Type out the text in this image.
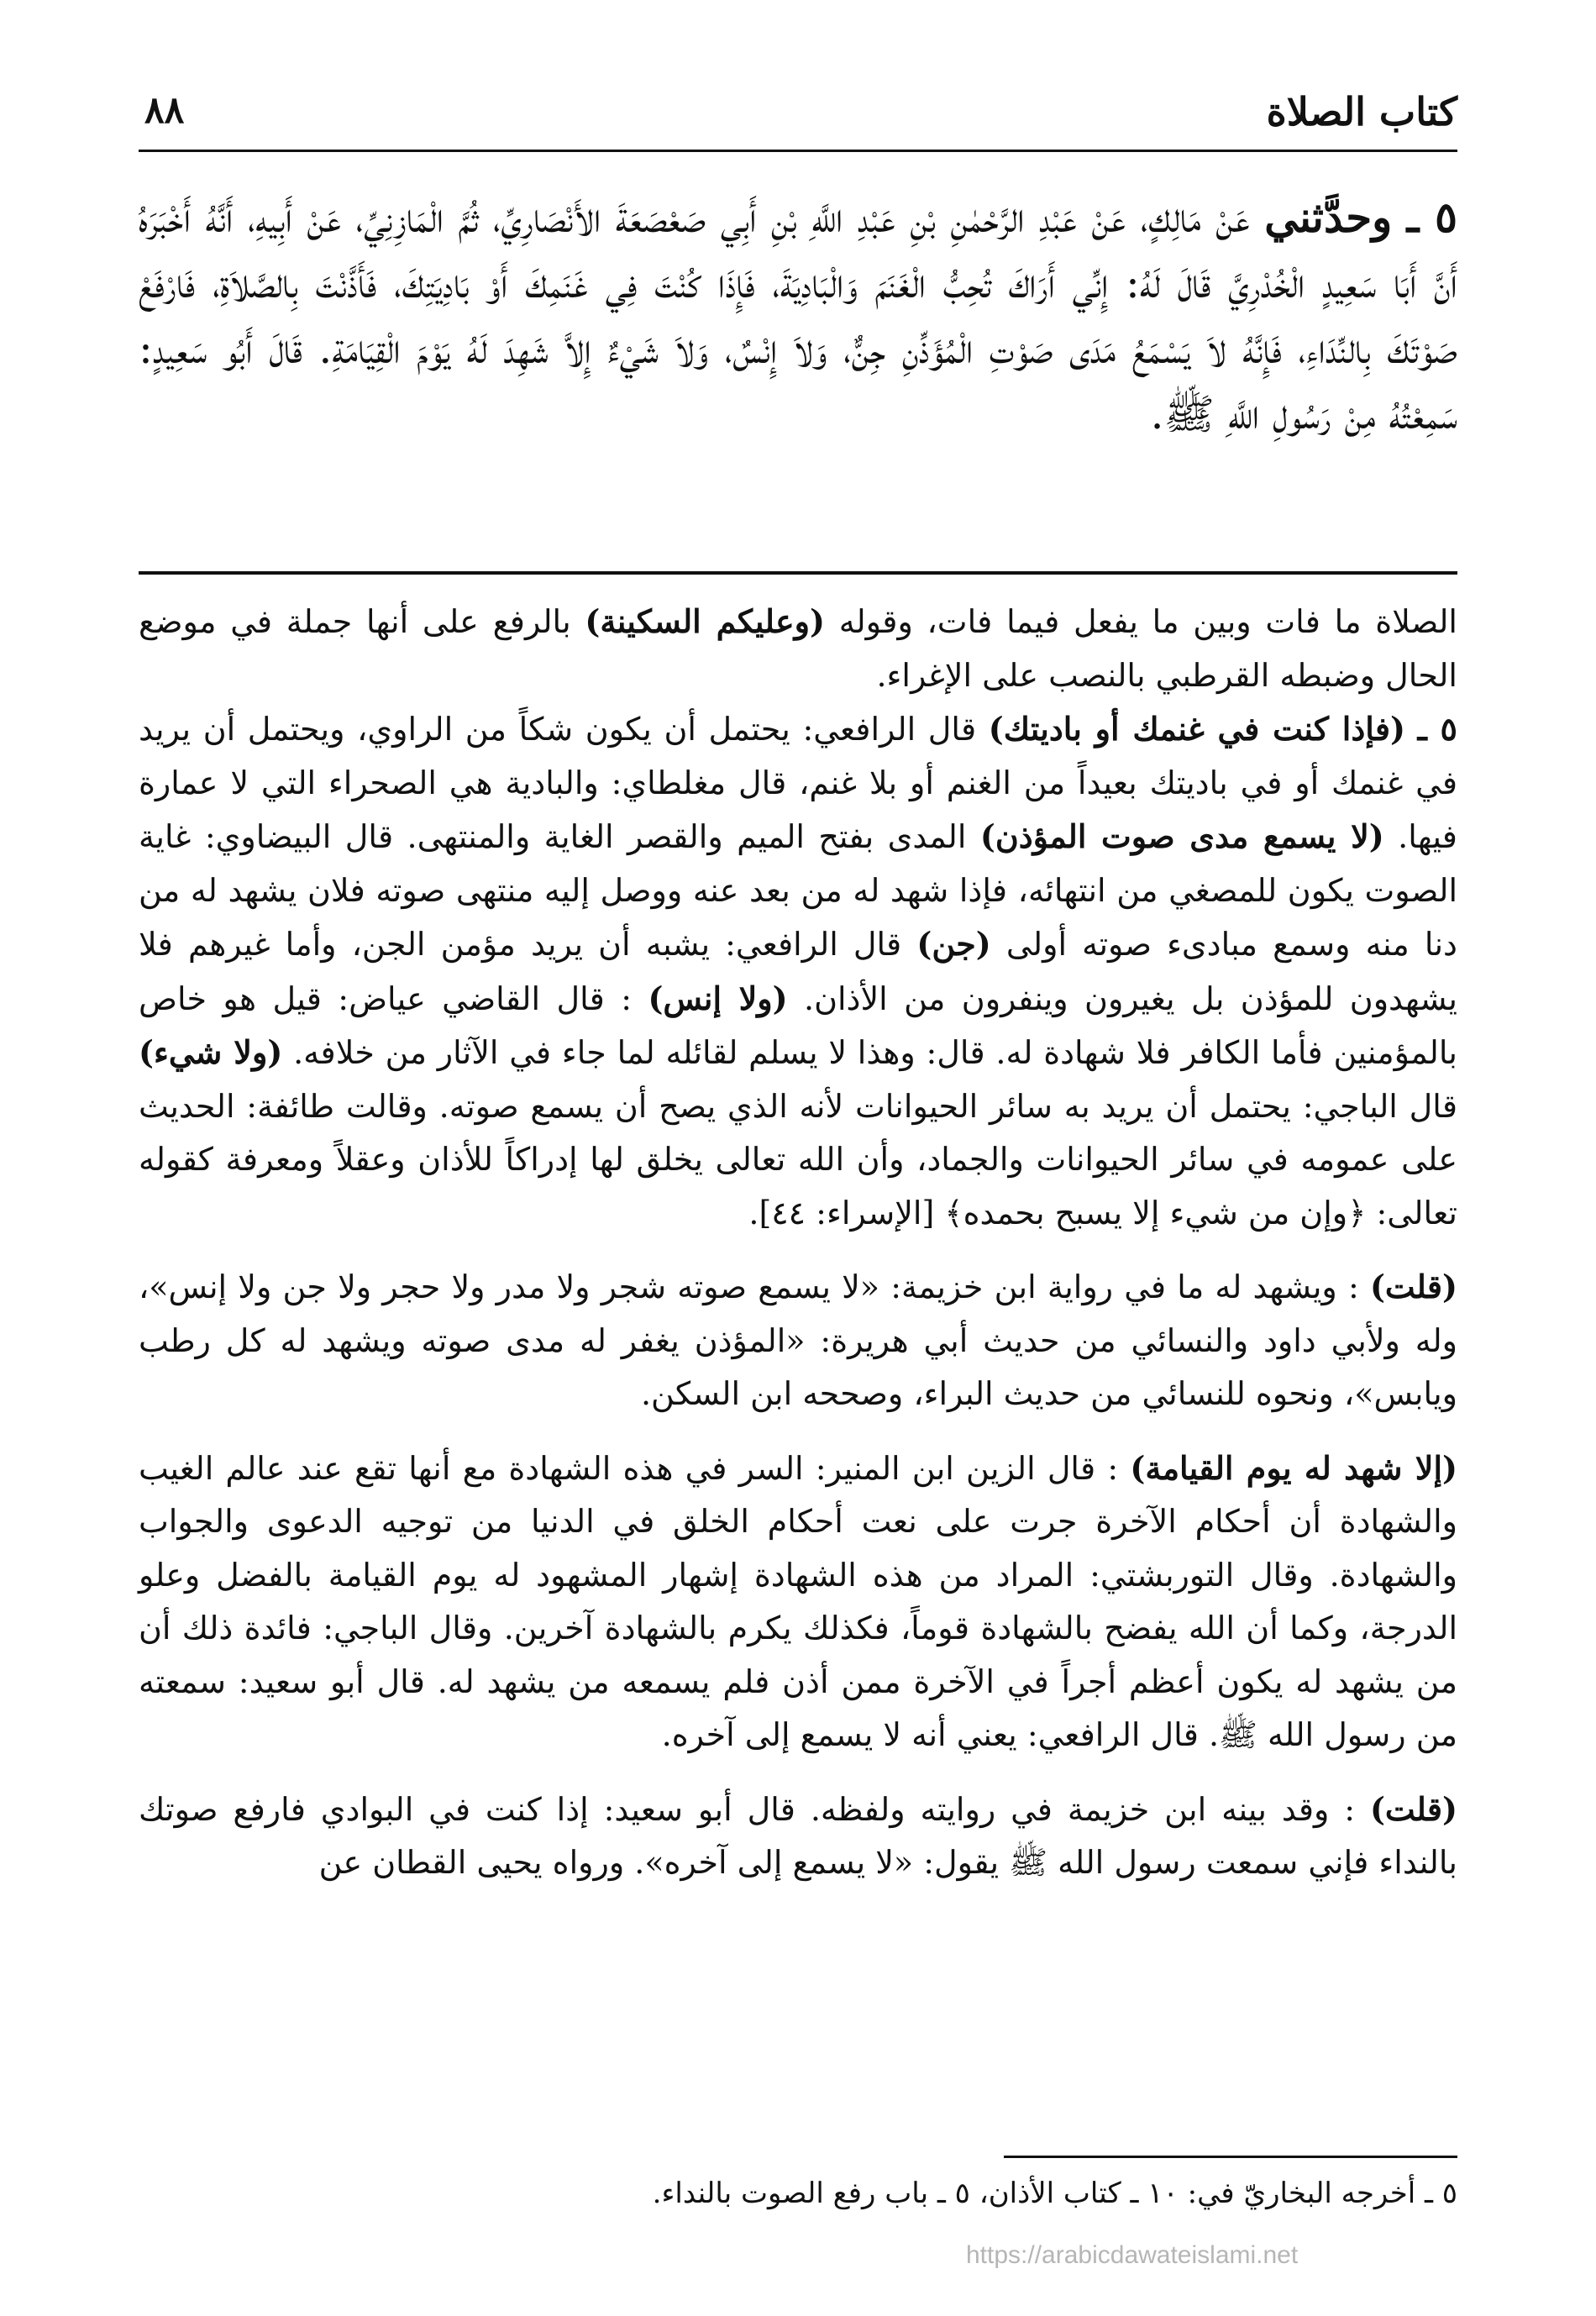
كتاب الصلاة
٨٨
٥ ـ وحدَّثني عَنْ مَالِكٍ، عَنْ عَبْدِ الرَّحْمٰنِ بْنِ عَبْدِ اللَّهِ بْنِ أَبِي صَعْصَعَةَ الأَنْصَارِيِّ، ثُمَّ الْمَازِنِيِّ، عَنْ أَبِيهِ، أَنَّهُ أَخْبَرَهُ أَنَّ أَبَا سَعِيدٍ الْخُدْرِيَّ قَالَ لَهُ: إِنِّي أَرَاكَ تُحِبُّ الْغَنَمَ وَالْبَادِيَةَ، فَإِذَا كُنْتَ فِي غَنَمِكَ أَوْ بَادِيَتِكَ، فَأَذَّنْتَ بِالصَّلاَةِ، فَارْفَعْ صَوْتَكَ بِالنِّدَاءِ، فَإِنَّهُ لاَ يَسْمَعُ مَدَى صَوْتِ الْمُؤَذِّنِ جِنٌّ، وَلاَ إِنْسٌ، وَلاَ شَيْءٌ إِلاَّ شَهِدَ لَهُ يَوْمَ الْقِيَامَةِ. قَالَ أَبُو سَعِيدٍ: سَمِعْتُهُ مِنْ رَسُولِ اللَّهِ ﷺ.

الصلاة ما فات وبين ما يفعل فيما فات، وقوله (وعليكم السكينة) بالرفع على أنها جملة في موضع الحال وضبطه القرطبي بالنصب على الإغراء.

٥ ـ (فإذا كنت في غنمك أو باديتك) قال الرافعي: يحتمل أن يكون شكاً من الراوي، ويحتمل أن يريد في غنمك أو في باديتك بعيداً من الغنم أو بلا غنم، قال مغلطاي: والبادية هي الصحراء التي لا عمارة فيها. (لا يسمع مدى صوت المؤذن) المدى بفتح الميم والقصر الغاية والمنتهى. قال البيضاوي: غاية الصوت يكون للمصغي من انتهائه، فإذا شهد له من بعد عنه ووصل إليه منتهى صوته فلان يشهد له من دنا منه وسمع مبادىء صوته أولى (جن) قال الرافعي: يشبه أن يريد مؤمن الجن، وأما غيرهم فلا يشهدون للمؤذن بل يغيرون وينفرون من الأذان. (ولا إنس) : قال القاضي عياض: قيل هو خاص بالمؤمنين فأما الكافر فلا شهادة له. قال: وهذا لا يسلم لقائله لما جاء في الآثار من خلافه. (ولا شيء) قال الباجي: يحتمل أن يريد به سائر الحيوانات لأنه الذي يصح أن يسمع صوته. وقالت طائفة: الحديث على عمومه في سائر الحيوانات والجماد، وأن الله تعالى يخلق لها إدراكاً للأذان وعقلاً ومعرفة كقوله تعالى: ﴿وإن من شيء إلا يسبح بحمده﴾ [الإسراء: ٤٤].

(قلت) : ويشهد له ما في رواية ابن خزيمة: «لا يسمع صوته شجر ولا مدر ولا حجر ولا جن ولا إنس»، وله ولأبي داود والنسائي من حديث أبي هريرة: «المؤذن يغفر له مدى صوته ويشهد له كل رطب ويابس»، ونحوه للنسائي من حديث البراء، وصححه ابن السكن.

(إلا شهد له يوم القيامة) : قال الزين ابن المنير: السر في هذه الشهادة مع أنها تقع عند عالم الغيب والشهادة أن أحكام الآخرة جرت على نعت أحكام الخلق في الدنيا من توجيه الدعوى والجواب والشهادة. وقال التوربشتي: المراد من هذه الشهادة إشهار المشهود له يوم القيامة بالفضل وعلو الدرجة، وكما أن الله يفضح بالشهادة قوماً، فكذلك يكرم بالشهادة آخرين. وقال الباجي: فائدة ذلك أن من يشهد له يكون أعظم أجراً في الآخرة ممن أذن فلم يسمعه من يشهد له. قال أبو سعيد: سمعته من رسول الله ﷺ. قال الرافعي: يعني أنه لا يسمع إلى آخره.

(قلت) : وقد بينه ابن خزيمة في روايته ولفظه. قال أبو سعيد: إذا كنت في البوادي فارفع صوتك بالنداء فإني سمعت رسول الله ﷺ يقول: «لا يسمع إلى آخره». ورواه يحيى القطان عن

٥ ـ أخرجه البخاريّ في: ١٠ ـ كتاب الأذان، ٥ ـ باب رفع الصوت بالنداء.
https://arabicdawateislami.net
